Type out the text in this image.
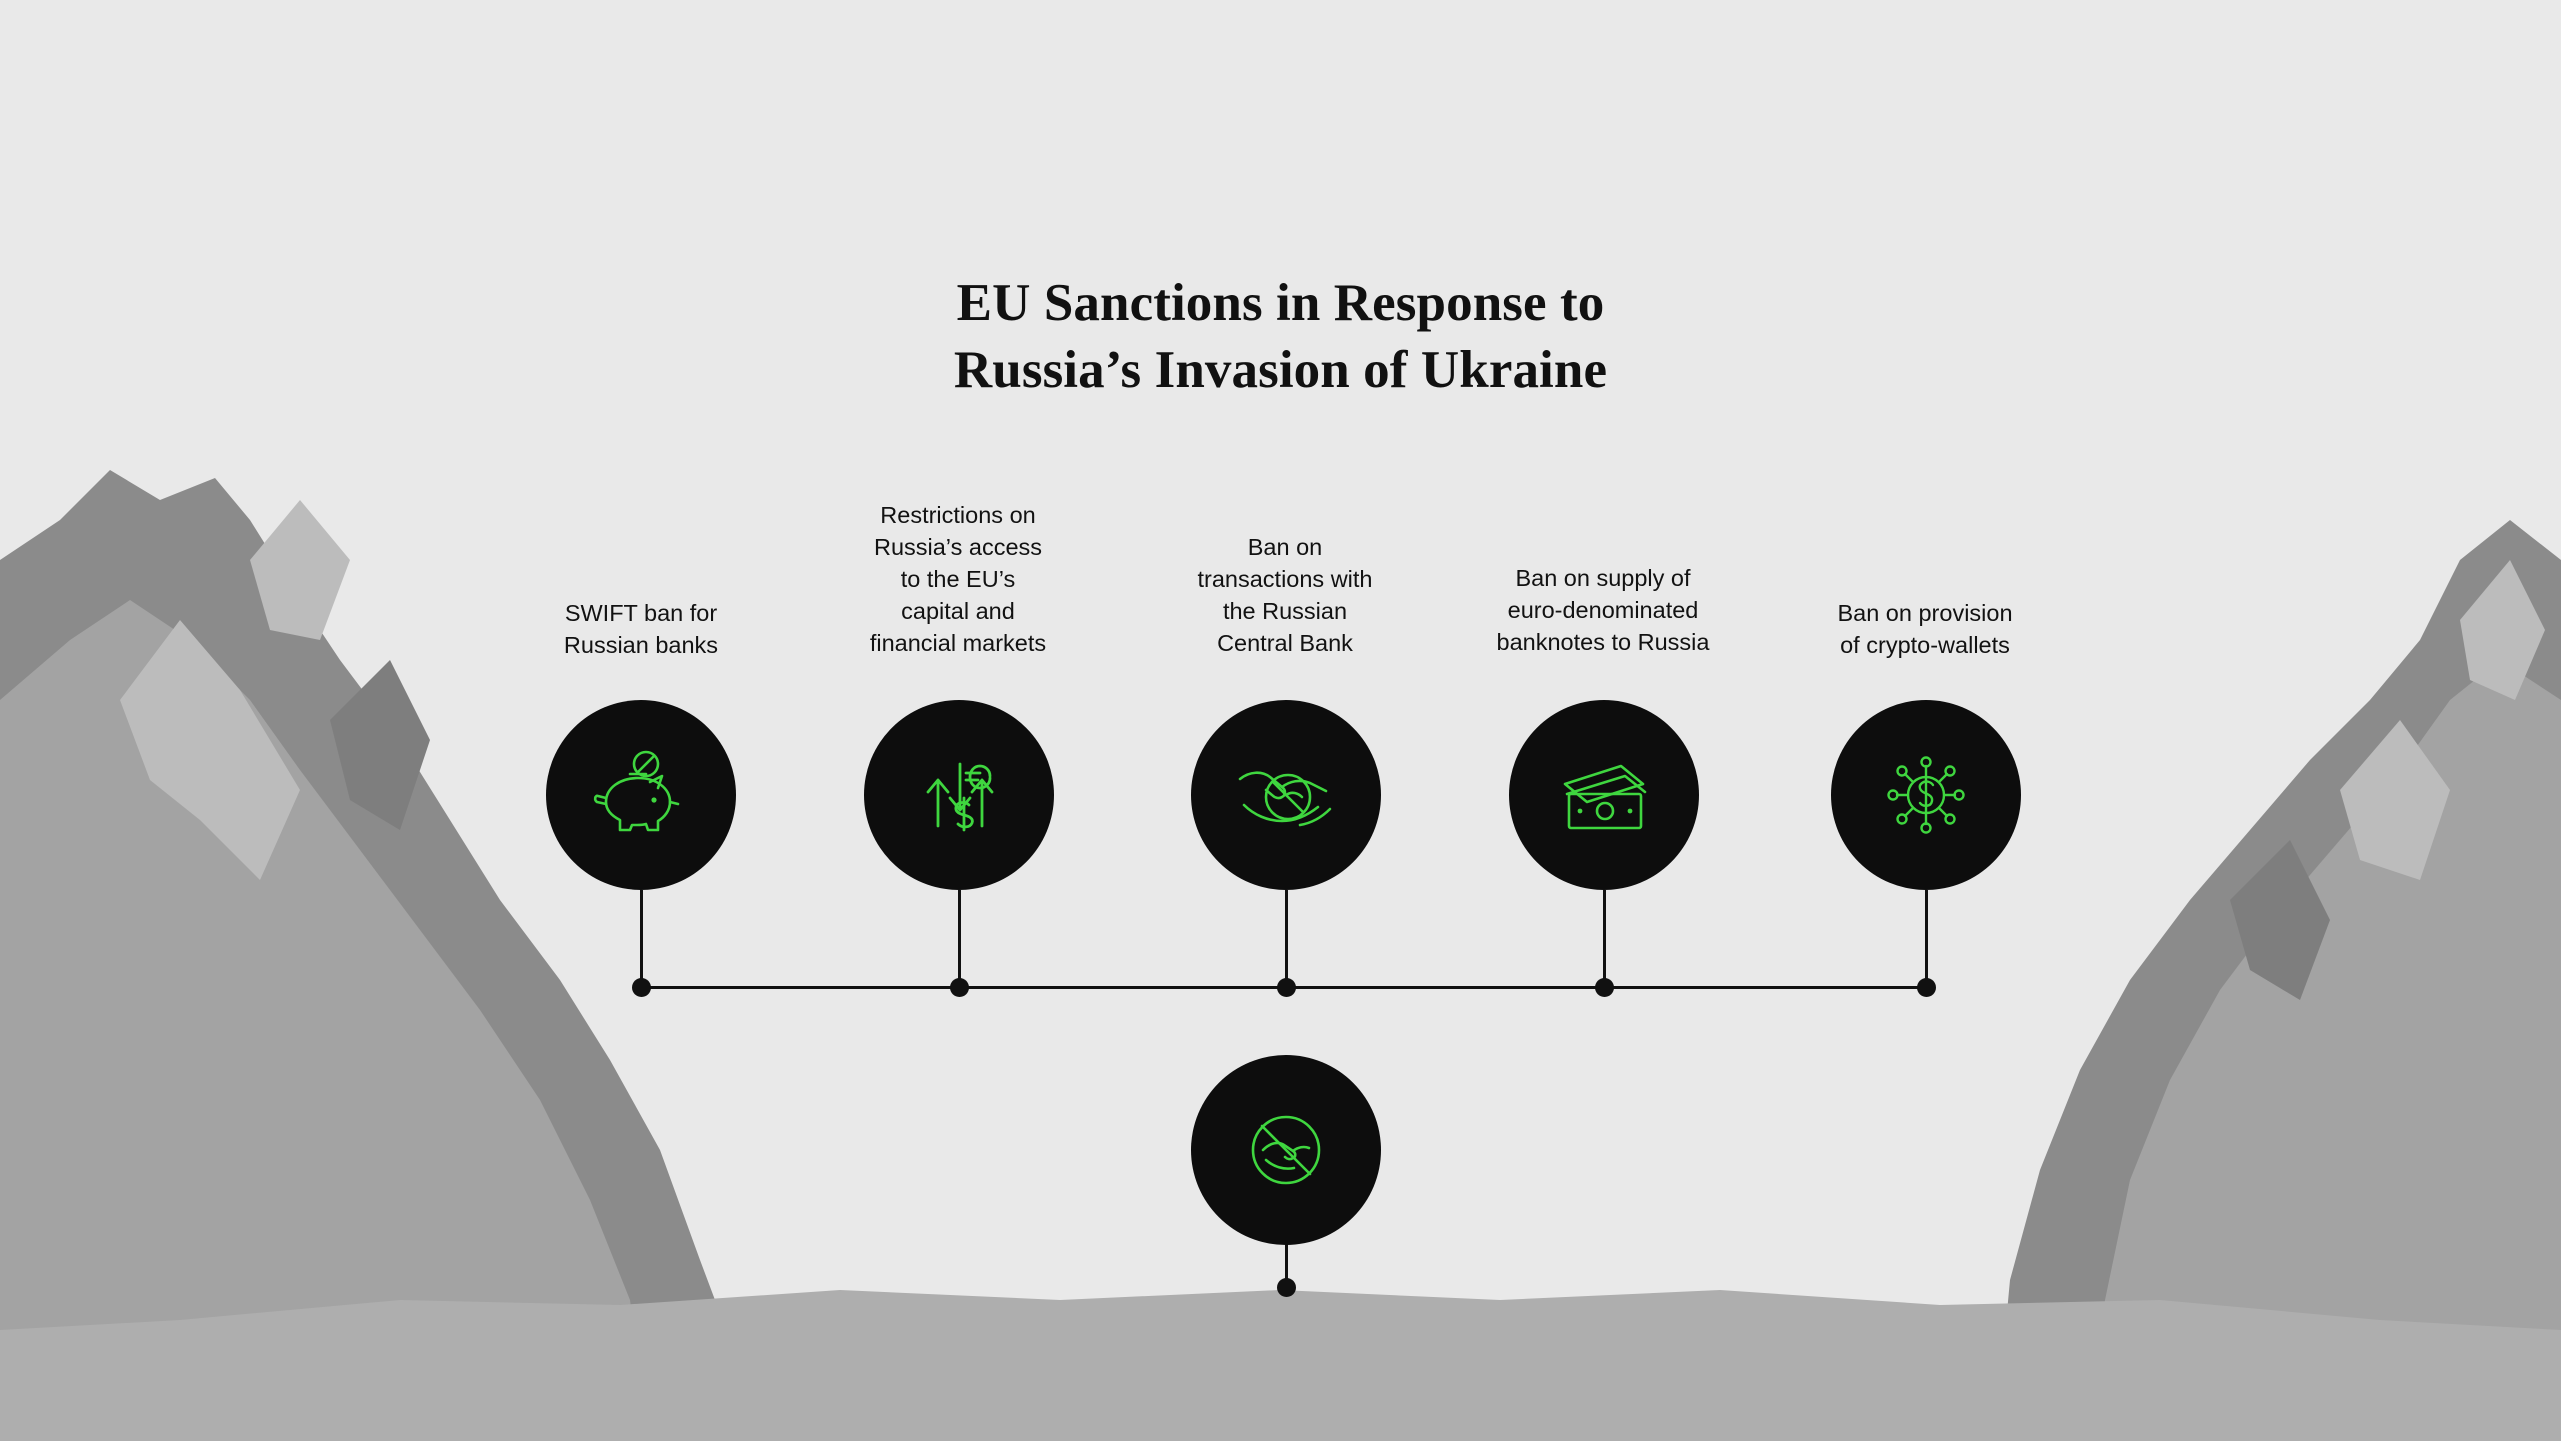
EU Sanctions in Response to
Russia’s Invasion of Ukraine
SWIFT ban for
Russian banks
Restrictions on
Russia’s access
to the EU’s
capital and
financial markets
Ban on
transactions with
the Russian
Central Bank
Ban on supply of
euro-denominated
banknotes to Russia
Ban on provision
of crypto-wallets
